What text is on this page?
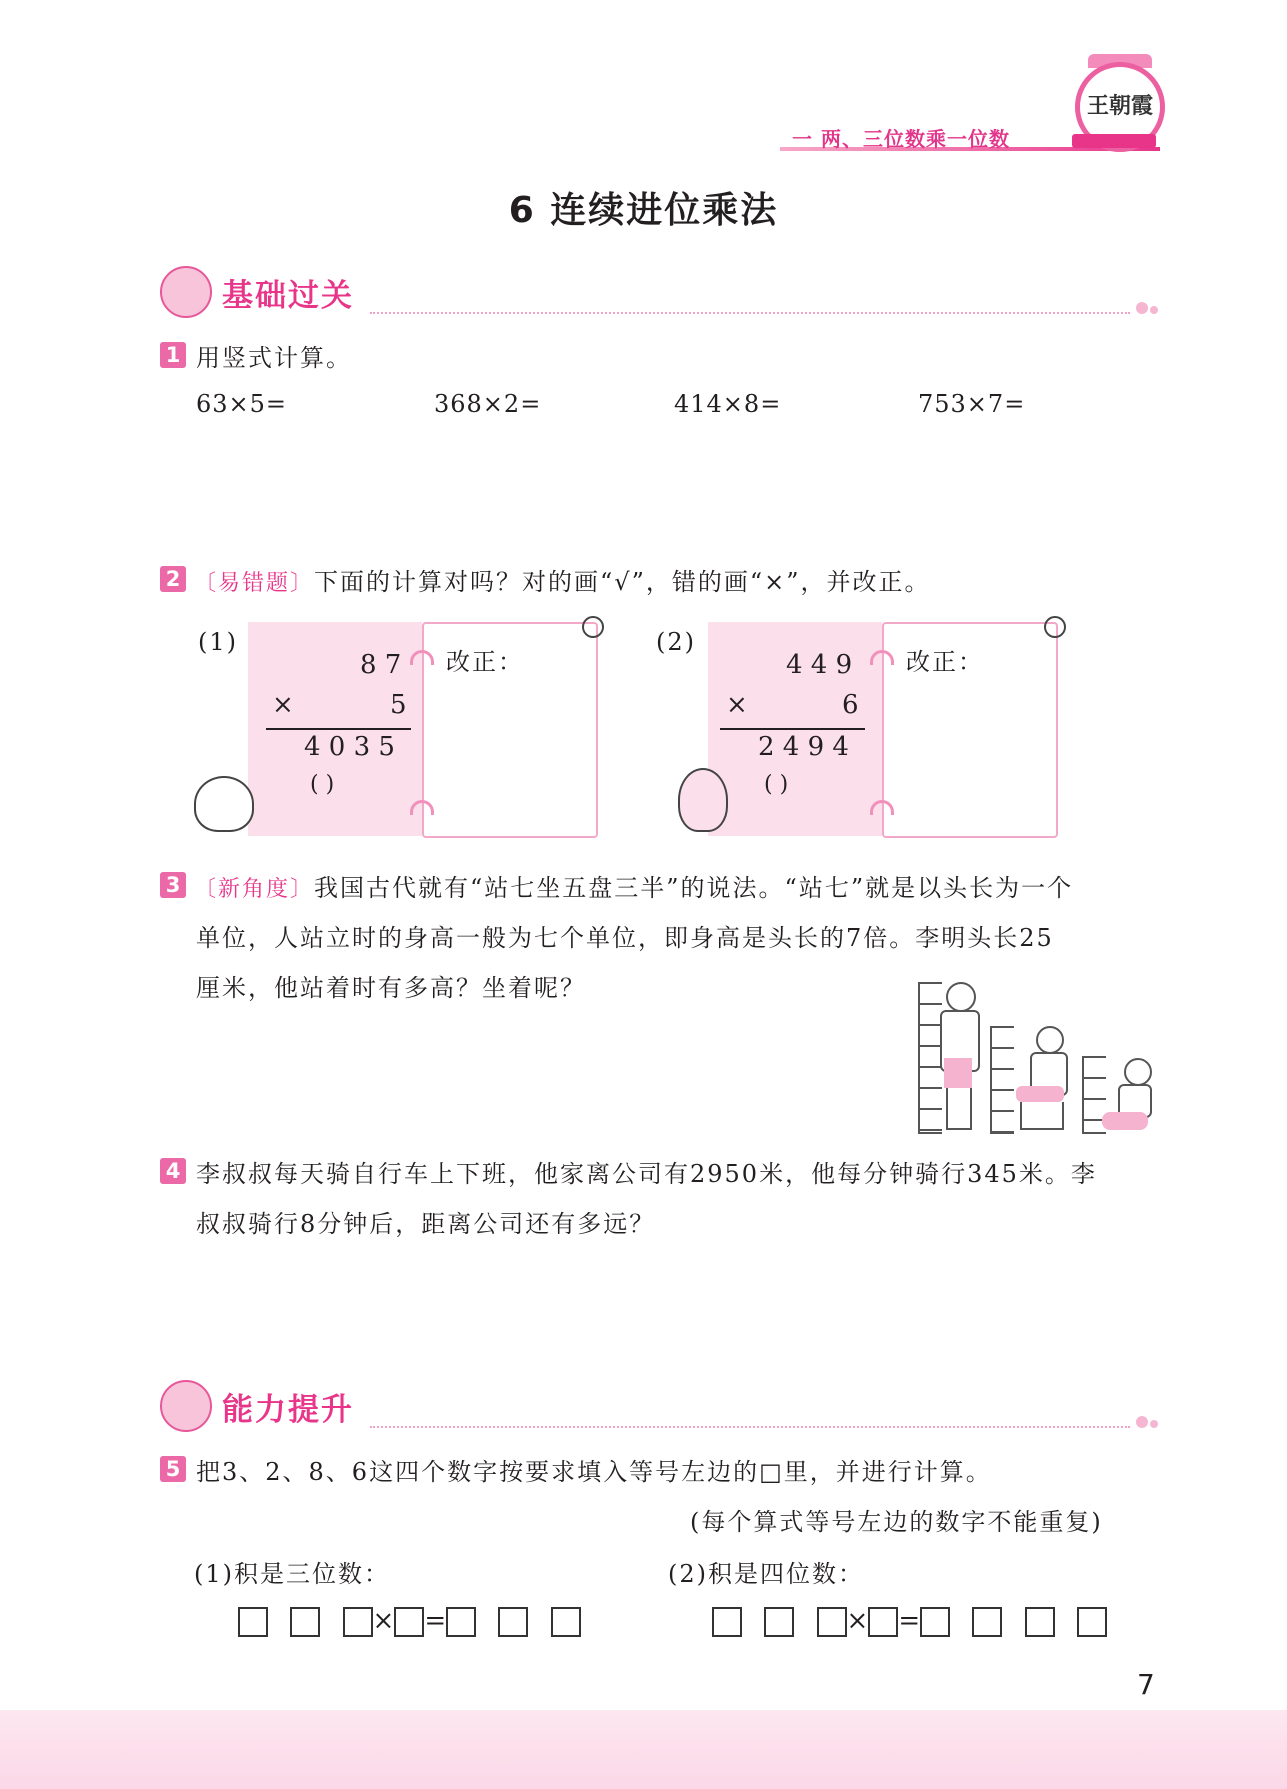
一 两、三位数乘一位数
王朝霞
6 连续进位乘法
基础过关
1 用竖式计算。
63×5=	368×2=	414×8=	753×7=
2 〔易错题〕下面的计算对吗？对的画“√”，错的画“×”，并改正。
(1)
8 7
×	5
4 0 3 5
( )
改正：
(2)
4 4 9
×	6
2 4 9 4
( )
改正：
3 〔新角度〕我国古代就有“站七坐五盘三半”的说法。“站七”就是以头长为一个
单位，人站立时的身高一般为七个单位，即身高是头长的7倍。李明头长25
厘米，他站着时有多高？坐着呢？
4 李叔叔每天骑自行车上下班，他家离公司有2950米，他每分钟骑行345米。李
叔叔骑行8分钟后，距离公司还有多远？
能力提升
5 把3、2、8、6这四个数字按要求填入等号左边的□里，并进行计算。
(每个算式等号左边的数字不能重复)
(1)积是三位数：	(2)积是四位数：
× =	× =
7
